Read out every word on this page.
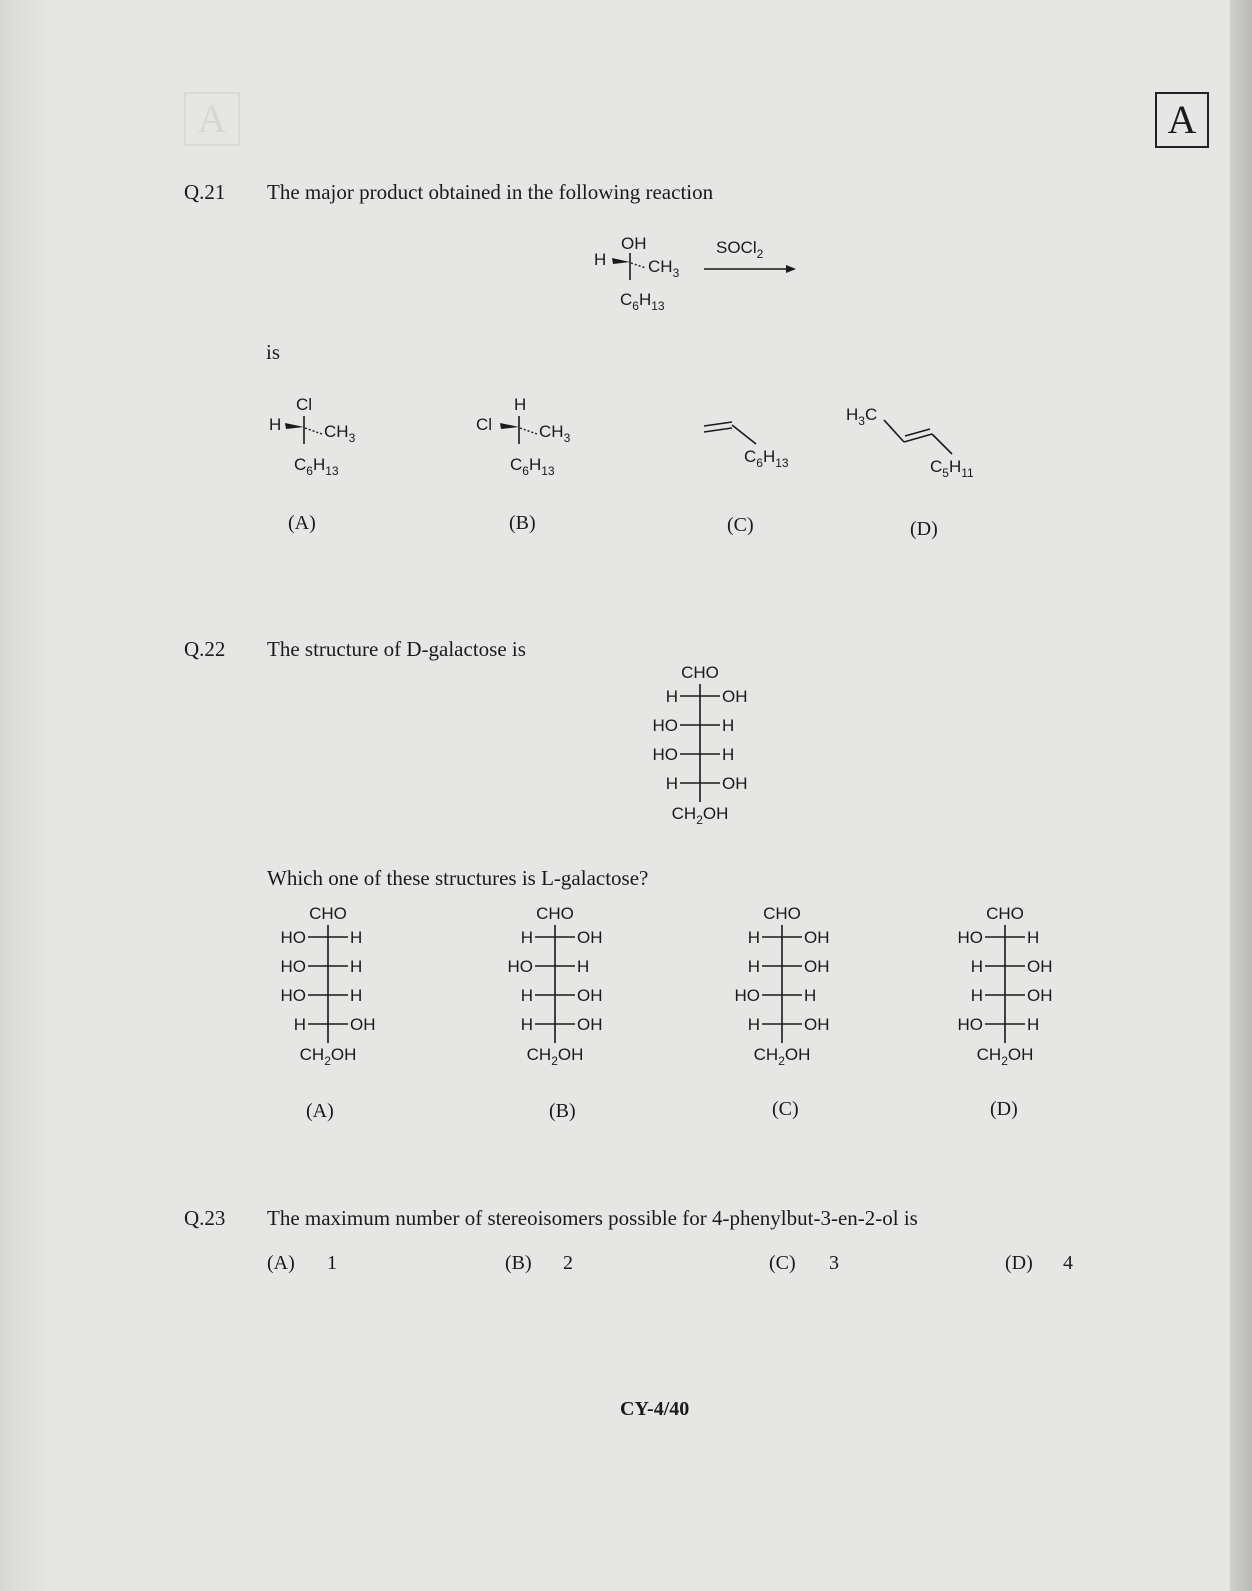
A	A
Q.21 The major product obtained in the following reaction
OH
H $CH_3$
$C_6H_{13}$
SOCl$_2$
is
Cl
H	$CH_3$
$C_6H_{13}$
H
Cl	$CH_3$
$C_6H_{13}$
$C_6H_{13}$
$H_3C$
$C_5H_{11}$
(A)	(B)	(C)	(D)
Q.22 The structure of D-galactose is
CHO
H	OH
HO	H
HO	H
H	OH
$CH_2OH$
Which one of these structures is L-galactose?
CHO
HO	H
HO	H
HO	H
H	OH
$CH_2OH$
CHO
H	OH
HO	H
H	OH
H	OH
$CH_2OH$
CHO
H	OH
H	OH
HO	H
H	OH
$CH_2OH$
CHO
HO	H
H	OH
H	OH
HO	H
$CH_2OH$
(A)	(B)	(C)	(D)
Q.23 The maximum number of stereoisomers possible for 4-phenylbut-3-en-2-ol is
(A) 1	(B) 2	(C) 3	(D) 4
CY-4/40
